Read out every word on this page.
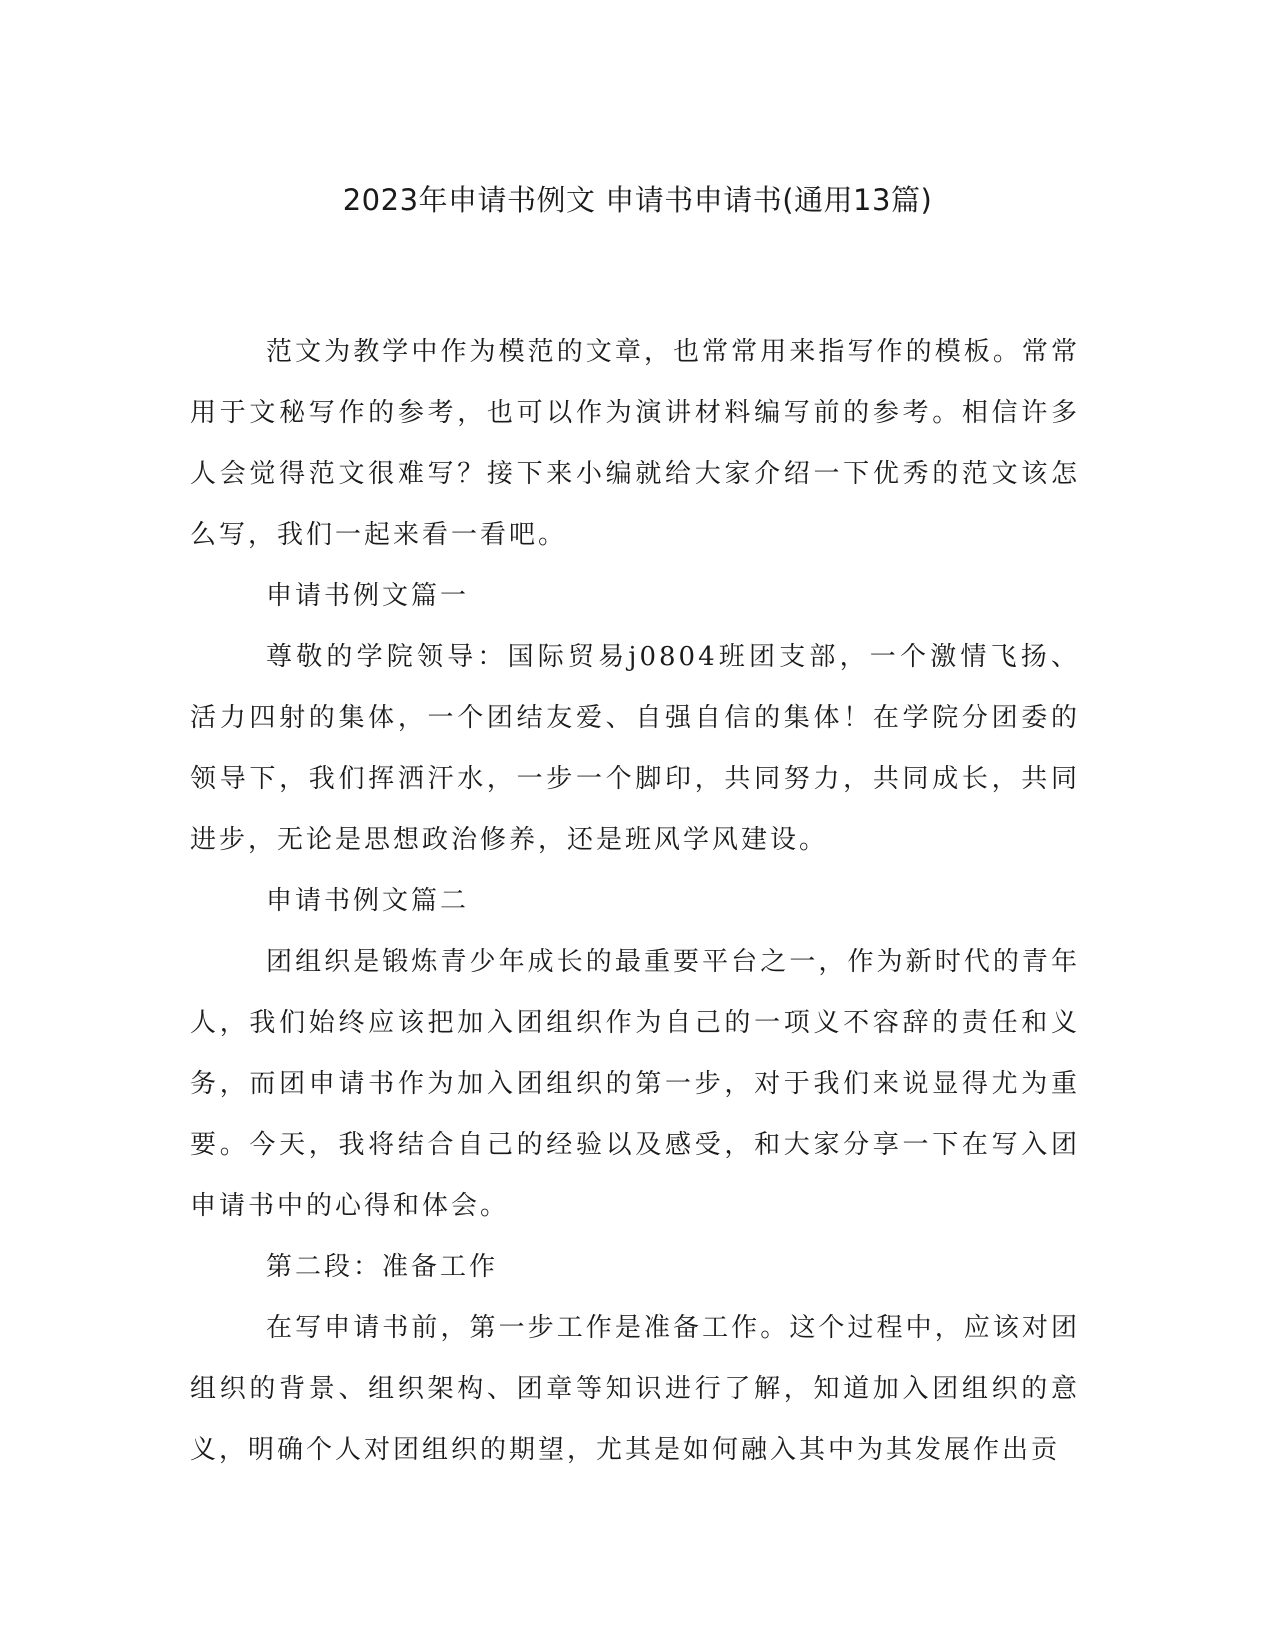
2023年申请书例文 申请书申请书(通用13篇)

范文为教学中作为模范的文章，也常常用来指写作的模板。常常用于文秘写作的参考，也可以作为演讲材料编写前的参考。相信许多人会觉得范文很难写？接下来小编就给大家介绍一下优秀的范文该怎么写，我们一起来看一看吧。

申请书例文篇一

尊敬的学院领导：国际贸易j0804班团支部，一个激情飞扬、活力四射的集体，一个团结友爱、自强自信的集体！在学院分团委的领导下，我们挥洒汗水，一步一个脚印，共同努力，共同成长，共同进步，无论是思想政治修养，还是班风学风建设。

申请书例文篇二

团组织是锻炼青少年成长的最重要平台之一，作为新时代的青年人，我们始终应该把加入团组织作为自己的一项义不容辞的责任和义务，而团申请书作为加入团组织的第一步，对于我们来说显得尤为重要。今天，我将结合自己的经验以及感受，和大家分享一下在写入团申请书中的心得和体会。

第二段：准备工作

在写申请书前，第一步工作是准备工作。这个过程中，应该对团组织的背景、组织架构、团章等知识进行了解，知道加入团组织的意义，明确个人对团组织的期望，尤其是如何融入其中为其发展作出贡
